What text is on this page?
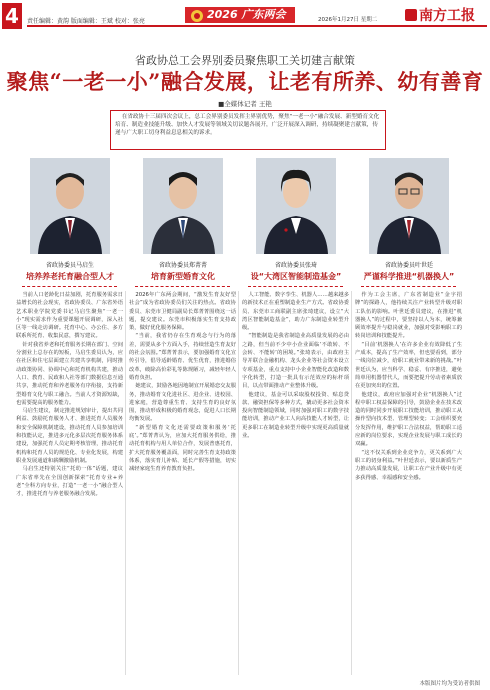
4	责任编辑：黄韵 版面编辑：王斌 校对：张亮
2026 广东两会	2026年1月27日 星期二	南方工报
省政协总工会界别委员聚焦职工关切建言献策
聚焦“一老一小”融合发展，让老有所养、幼有善育
■全媒体记者 王艳
在省政协十三届四次会议上，总工会界别委员发挥主界别优势，聚焦“一老一小”融合发展、新型婚育文化培育、制造业技能升级、加快人才发展等领域关切议题各展开，广泛开展深入调研，持续凝聚建言献策，传递与广大职工切身利益息息相关的诉求。
省政协委员马启生	省政协委员郑菁菁	省政协委员张琦	省政协委员叶世廷
培养养老托育融合型人才	培育新型婚育文化	设“大湾区智能制造基金”	严谨科学推进“机器换人”

当前人口老龄化日益加剧，托育服务需求日益增长的社会现实，省政协委员、广东省外语艺术职业学院党委书记马启生聚焦“一老一小”现实需求作为重要课题开展调研，深入社区等一线走访调研。托育中心、办公住、多方联系所托育、收集民意，撰写建议。

针对我省养老和托育服务长期在部门、空间分割业上总存在的短板，马启生委员认为，应在社区和住宅层面建立共建共享机制，同时推动政策协同、协调中心和托育机构共建，推动人口、教育、民政和人社等部门数据信息互通共享，推动托育和养老服务有序衔接，支持新型婚育文化与职工融合。当前人才资源短缺，也需要提高的服务能力。

马启生建议，制定推进规划审计，提出共同利益、鼓励托育服务人才、推进托育人员服务和安全保障机制建设，推动托育人员参加培训和技能认定，推进多元化多层次托育服务体系建设，加强托育人员定期考核管理，推动托育机构和托育人员的规范化、专业化发展，构建职业发展通道和薪酬激励机制。

马启生还特别关注“托幼一体”话题，建议广东省率先在全国创新探索“托育专业+养老”全科方向专业，打造“一老一小”融合型人才，推进托育与养老服务融合发展。

2026年广东两会期间，“激发生育友好型社会”成为省政协委员们关注的热点。省政协委员、东莞市卫健局副局长郑菁菁围绕这一话题，提交建议。东莞市积极落实生育支持政策，做好优化服务保障。

“当前，我省仍存在生育观念与行为的落差，需要从多个方面入手，持续营造生育友好的社会氛围。”郑菁菁表示，要加强婚育文化宣传引导，倡导适龄婚育、优生优育，推进婚俗改革，破除高价彩礼等陈规陋习，减轻年轻人婚育负担。

她建议，鼓励各地因地制宜开展婚恋交友服务，推动婚育文化进社区、进企业、进校园、进家庭，营造尊重生育、支持生育的良好氛围，推动形成积极的婚育观念，促进人口长期均衡发展。

“新型婚育文化还需要政策和服务‘托底’。”郑菁菁认为，应加大托育服务供给，推动托育机构与用人单位合作，发展普惠托育，扩大托育服务覆盖面，同时完善生育支持政策体系，落实育儿补贴、延长产假等措施，切实减轻家庭生育养育教育负担。

人工智能、数字孪生、机器人……越来越多的新技术正在重塑制造业生产方式。省政协委员、东莞市工商联副主席张琦建议，设立“大湾区智能制造基金”，助力广东制造业转型升级。

“智能制造是我省制造业高质量发展的必由之路，但当前不少中小企业面临‘不敢转、不会转、不能转’的困境。”张琦表示，由政府主导并联合金融机构、龙头企业等社会资本设立专项基金，重点支持中小企业智能化改造和数字化转型，打造一批具有示范效应的标杆项目，以点带面推动产业整体升级。

他建议，基金可以采取股权投资、贴息贷款、融资担保等多种方式，撬动更多社会资本投向智能制造领域，同时加强对职工的数字技能培训，推动产业工人向高技能人才转型，让更多职工在制造业转型升级中实现更高质量就业。

作为工会主席，广东省制造业“金字招牌”的探路人，他持续关注产业转型升级对职工队伍的影响。叶世廷委员建议，在推进“机器换人”的过程中，要坚持以人为本，统筹兼顾效率提升与稳岗就业，加强对受影响职工的转岗培训和技能提升。

“目前‘机器换人’在许多企业有效降低了生产成本，提高了生产效率，但也要看到，部分一线岗位减少，给职工就业带来新的挑战。”叶世廷认为，应当科学、稳妥、有序推进，避免简单用机器替代人，而要把提升劳动者素质放在更加突出的位置。

他建议，政府应加强对企业“机器换人”过程中职工权益保障的引导，鼓励企业在技术改造的同时同步开展职工技能培训，推动职工从操作型向技术型、管理型转变；工会组织要充分发挥作用，维护职工合法权益，帮助职工适应新的岗位要求，实现企业发展与职工成长的双赢。

“这不仅关系到企业竞争力，更关系到广大职工的切身利益。”叶世廷表示，要以新质生产力推动高质量发展，让职工在产业升级中有更多获得感、幸福感和安全感。

本版图片均为受访者供图
